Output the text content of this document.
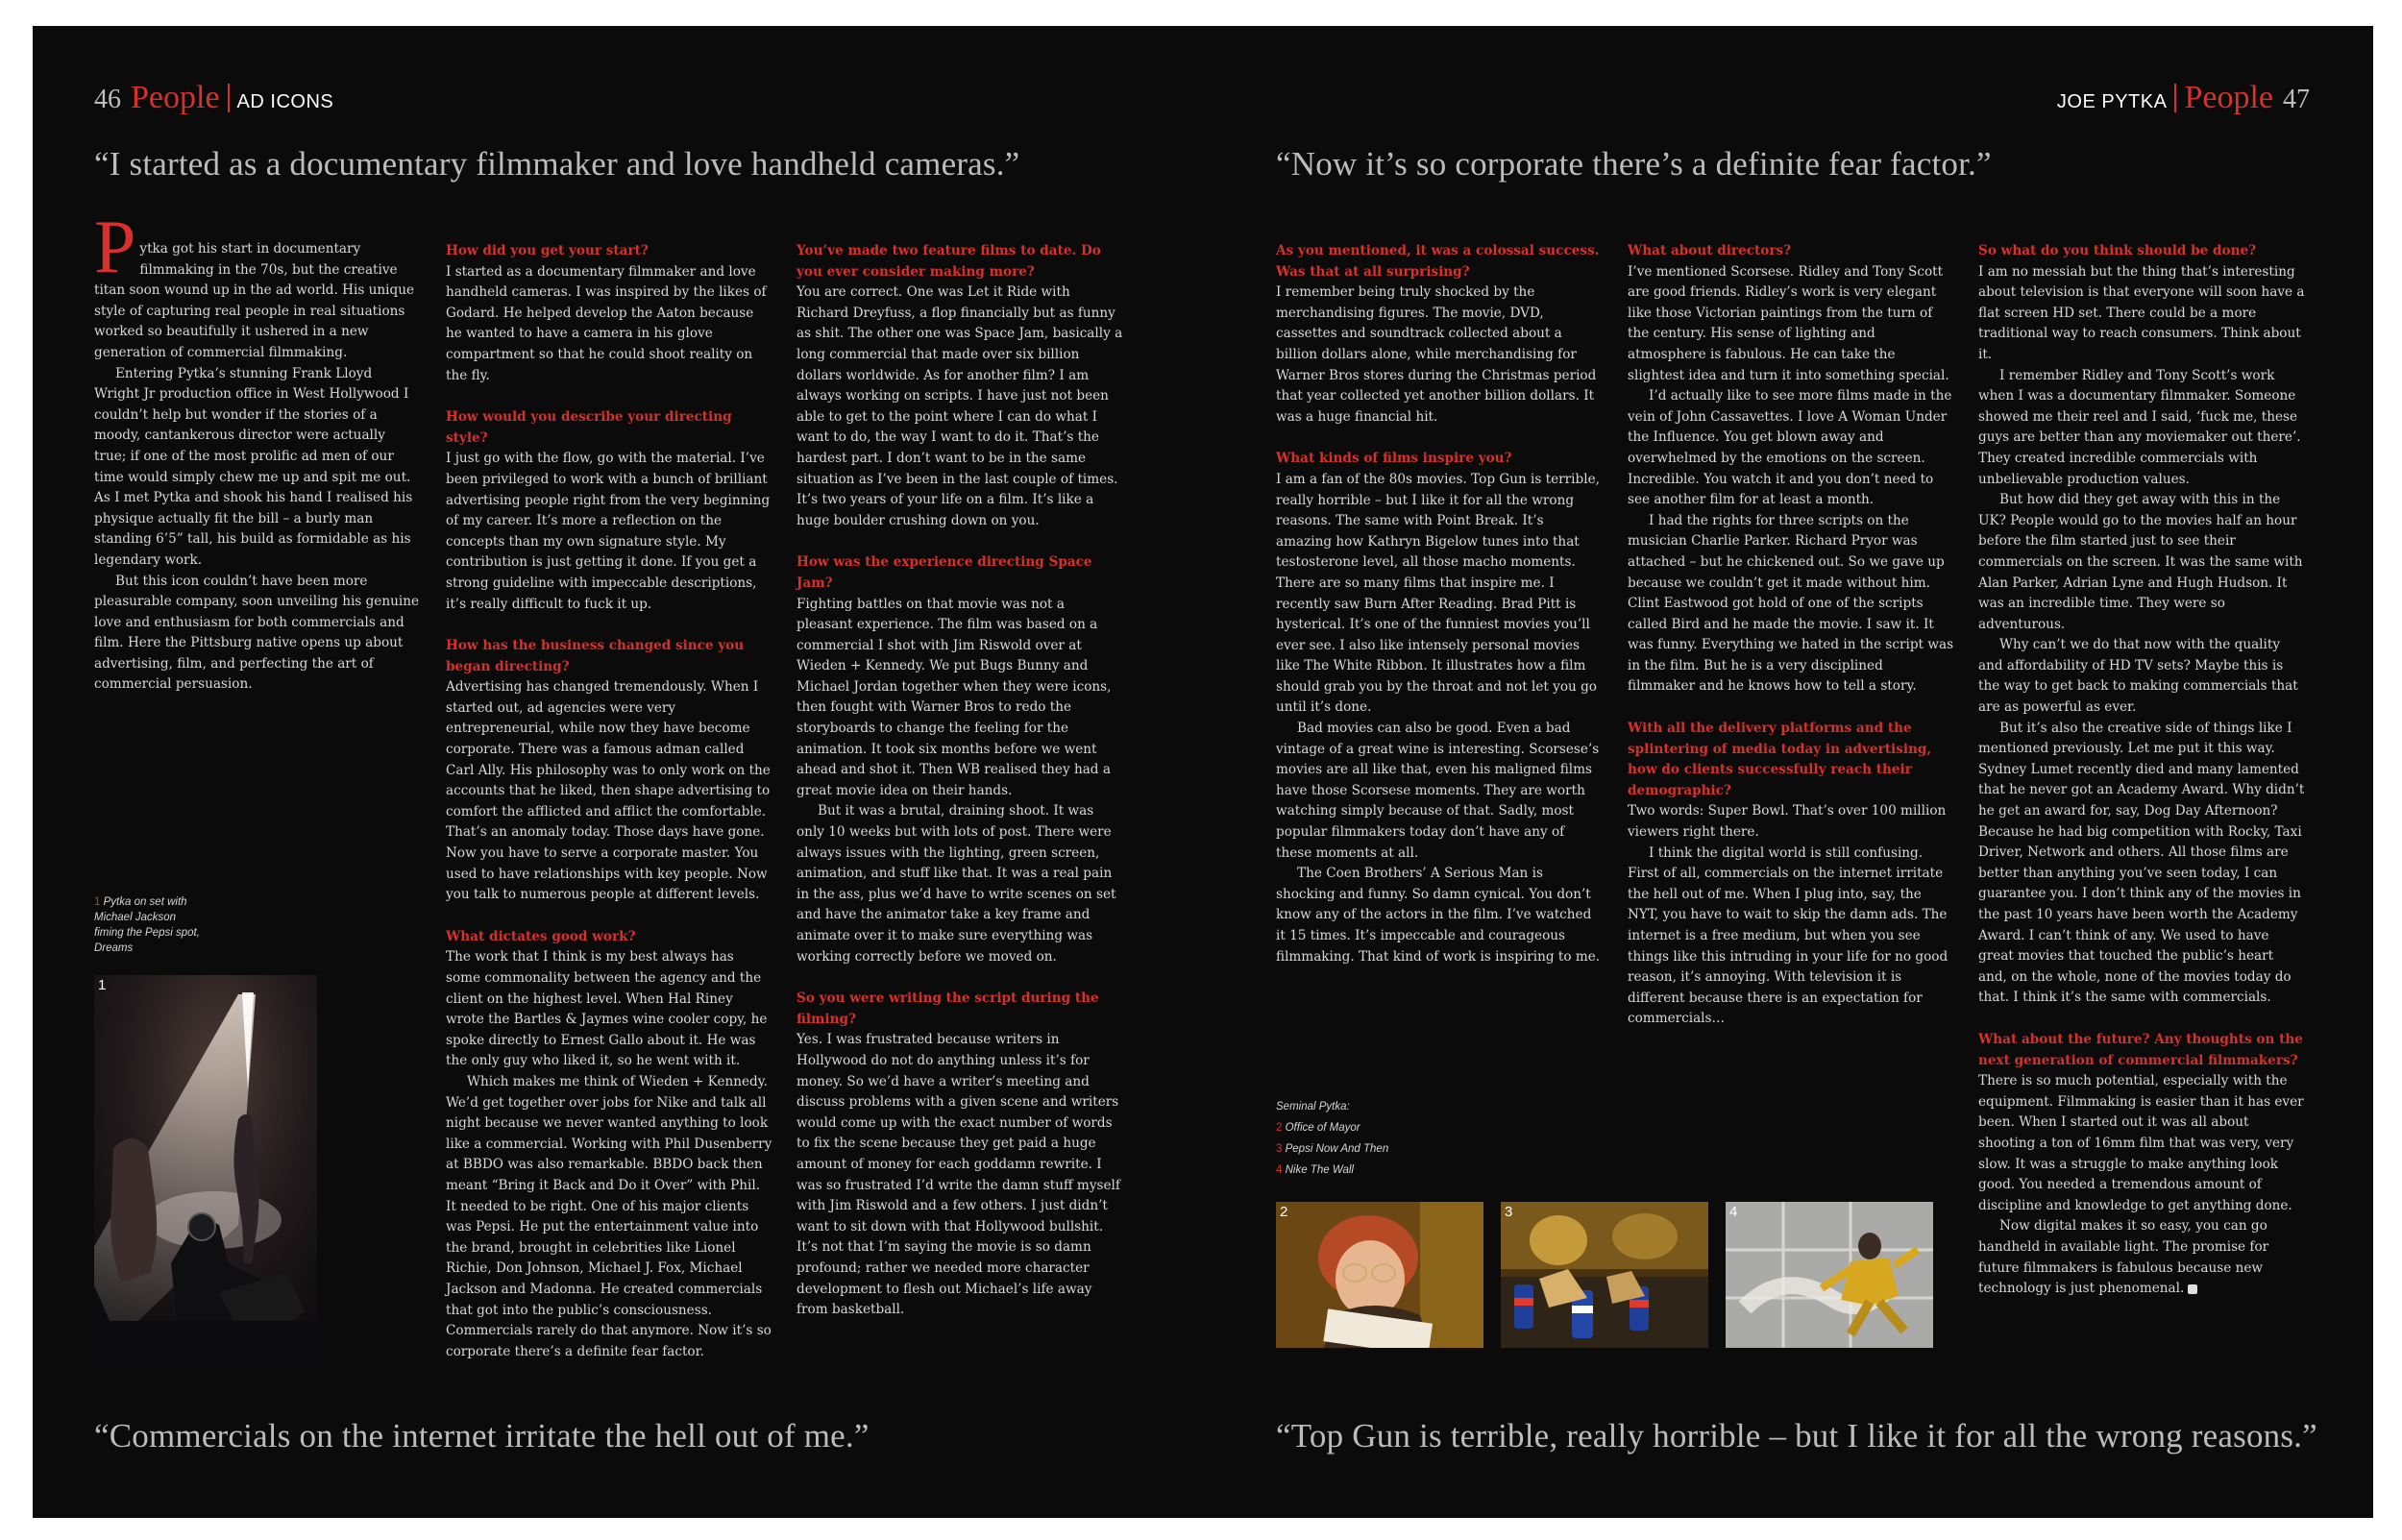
46 People AD ICONS	JOE PYTKA People 47
“I started as a documentary filmmaker and love handheld cameras.”	“Now it’s so corporate there’s a definite fear factor.”
“Commercials on the internet irritate the hell out of me.”	“Top Gun is terrible, really horrible – but I like it for all the wrong reasons.”
P ytka got his start in documentary filmmaking in the 70s, but the creative titan soon wound up in the ad world. His unique style of capturing real people in real situations worked so beautifully it ushered in a new generation of commercial filmmaking.

Entering Pytka’s stunning Frank Lloyd Wright Jr production office in West Hollywood I couldn’t help but wonder if the stories of a moody, cantankerous director were actually true; if one of the most prolific ad men of our time would simply chew me up and spit me out. As I met Pytka and shook his hand I realised his physique actually fit the bill – a burly man standing 6’5” tall, his build as formidable as his legendary work.

But this icon couldn’t have been more pleasurable company, soon unveiling his genuine love and enthusiasm for both commercials and film. Here the Pittsburg native opens up about advertising, film, and perfecting the art of commercial persuasion.

1 Pytka on set with Michael Jackson fiming the Pepsi spot, Dreams
1
How did you get your start?

I started as a documentary filmmaker and love handheld cameras. I was inspired by the likes of Godard. He helped develop the Aaton because he wanted to have a camera in his glove compartment so that he could shoot reality on the fly.

How would you describe your directing style?

I just go with the flow, go with the material. I’ve been privileged to work with a bunch of brilliant advertising people right from the very beginning of my career. It’s more a reflection on the concepts than my own signature style. My contribution is just getting it done. If you get a strong guideline with impeccable descriptions, it’s really difficult to fuck it up.

How has the business changed since you began directing?

Advertising has changed tremendously. When I started out, ad agencies were very entrepreneurial, while now they have become corporate. There was a famous adman called Carl Ally. His philosophy was to only work on the accounts that he liked, then shape advertising to comfort the afflicted and afflict the comfortable. That’s an anomaly today. Those days have gone. Now you have to serve a corporate master. You used to have relationships with key people. Now you talk to numerous people at different levels.

What dictates good work?

The work that I think is my best always has some commonality between the agency and the client on the highest level. When Hal Riney wrote the Bartles & Jaymes wine cooler copy, he spoke directly to Ernest Gallo about it. He was the only guy who liked it, so he went with it.

Which makes me think of Wieden + Kennedy. We’d get together over jobs for Nike and talk all night because we never wanted anything to look like a commercial. Working with Phil Dusenberry at BBDO was also remarkable. BBDO back then meant “Bring it Back and Do it Over” with Phil. It needed to be right. One of his major clients was Pepsi. He put the entertainment value into the brand, brought in celebrities like Lionel Richie, Don Johnson, Michael J. Fox, Michael Jackson and Madonna. He created commercials that got into the public’s consciousness. Commercials rarely do that anymore. Now it’s so corporate there’s a definite fear factor.

You’ve made two feature films to date. Do you ever consider making more?

You are correct. One was Let it Ride with Richard Dreyfuss, a flop financially but as funny as shit. The other one was Space Jam, basically a long commercial that made over six billion dollars worldwide. As for another film? I am always working on scripts. I have just not been able to get to the point where I can do what I want to do, the way I want to do it. That’s the hardest part. I don’t want to be in the same situation as I’ve been in the last couple of times. It’s two years of your life on a film. It’s like a huge boulder crushing down on you.

How was the experience directing Space Jam?

Fighting battles on that movie was not a pleasant experience. The film was based on a commercial I shot with Jim Riswold over at Wieden + Kennedy. We put Bugs Bunny and Michael Jordan together when they were icons, then fought with Warner Bros to redo the storyboards to change the feeling for the animation. It took six months before we went ahead and shot it. Then WB realised they had a great movie idea on their hands.

But it was a brutal, draining shoot. It was only 10 weeks but with lots of post. There were always issues with the lighting, green screen, animation, and stuff like that. It was a real pain in the ass, plus we’d have to write scenes on set and have the animator take a key frame and animate over it to make sure everything was working correctly before we moved on.

So you were writing the script during the filming?

Yes. I was frustrated because writers in Hollywood do not do anything unless it’s for money. So we’d have a writer’s meeting and discuss problems with a given scene and writers would come up with the exact number of words to fix the scene because they get paid a huge amount of money for each goddamn rewrite. I was so frustrated I’d write the damn stuff myself with Jim Riswold and a few others. I just didn’t want to sit down with that Hollywood bullshit. It’s not that I’m saying the movie is so damn profound; rather we needed more character development to flesh out Michael’s life away from basketball.

As you mentioned, it was a colossal success. Was that at all surprising?

I remember being truly shocked by the merchandising figures. The movie, DVD, cassettes and soundtrack collected about a billion dollars alone, while merchandising for Warner Bros stores during the Christmas period that year collected yet another billion dollars. It was a huge financial hit.

What kinds of films inspire you?

I am a fan of the 80s movies. Top Gun is terrible, really horrible – but I like it for all the wrong reasons. The same with Point Break. It’s amazing how Kathryn Bigelow tunes into that testosterone level, all those macho moments. There are so many films that inspire me. I recently saw Burn After Reading. Brad Pitt is hysterical. It’s one of the funniest movies you’ll ever see. I also like intensely personal movies like The White Ribbon. It illustrates how a film should grab you by the throat and not let you go until it’s done.

Bad movies can also be good. Even a bad vintage of a great wine is interesting. Scorsese’s movies are all like that, even his maligned films have those Scorsese moments. They are worth watching simply because of that. Sadly, most popular filmmakers today don’t have any of these moments at all.

The Coen Brothers’ A Serious Man is shocking and funny. So damn cynical. You don’t know any of the actors in the film. I’ve watched it 15 times. It’s impeccable and courageous filmmaking. That kind of work is inspiring to me.

What about directors?

I’ve mentioned Scorsese. Ridley and Tony Scott are good friends. Ridley’s work is very elegant like those Victorian paintings from the turn of the century. His sense of lighting and atmosphere is fabulous. He can take the slightest idea and turn it into something special.

I’d actually like to see more films made in the vein of John Cassavettes. I love A Woman Under the Influence. You get blown away and overwhelmed by the emotions on the screen. Incredible. You watch it and you don’t need to see another film for at least a month.

I had the rights for three scripts on the musician Charlie Parker. Richard Pryor was attached – but he chickened out. So we gave up because we couldn’t get it made without him. Clint Eastwood got hold of one of the scripts called Bird and he made the movie. I saw it. It was funny. Everything we hated in the script was in the film. But he is a very disciplined filmmaker and he knows how to tell a story.

With all the delivery platforms and the splintering of media today in advertising, how do clients successfully reach their demographic?

Two words: Super Bowl. That’s over 100 million viewers right there.

I think the digital world is still confusing. First of all, commercials on the internet irritate the hell out of me. When I plug into, say, the NYT, you have to wait to skip the damn ads. The internet is a free medium, but when you see things like this intruding in your life for no good reason, it’s annoying. With television it is different because there is an expectation for commercials…

So what do you think should be done?

I am no messiah but the thing that’s interesting about television is that everyone will soon have a flat screen HD set. There could be a more traditional way to reach consumers. Think about it.

I remember Ridley and Tony Scott’s work when I was a documentary filmmaker. Someone showed me their reel and I said, ‘fuck me, these guys are better than any moviemaker out there’. They created incredible commercials with unbelievable production values.

But how did they get away with this in the UK? People would go to the movies half an hour before the film started just to see their commercials on the screen. It was the same with Alan Parker, Adrian Lyne and Hugh Hudson. It was an incredible time. They were so adventurous.

Why can’t we do that now with the quality and affordability of HD TV sets? Maybe this is the way to get back to making commercials that are as powerful as ever.

But it’s also the creative side of things like I mentioned previously. Let me put it this way. Sydney Lumet recently died and many lamented that he never got an Academy Award. Why didn’t he get an award for, say, Dog Day Afternoon? Because he had big competition with Rocky, Taxi Driver, Network and others. All those films are better than anything you’ve seen today, I can guarantee you. I don’t think any of the movies in the past 10 years have been worth the Academy Award. I can’t think of any. We used to have great movies that touched the public’s heart and, on the whole, none of the movies today do that. I think it’s the same with commercials.

What about the future? Any thoughts on the next generation of commercial filmmakers?

There is so much potential, especially with the equipment. Filmmaking is easier than it has ever been. When I started out it was all about shooting a ton of 16mm film that was very, very slow. It was a struggle to make anything look good. You needed a tremendous amount of discipline and knowledge to get anything done.

Now digital makes it so easy, you can go handheld in available light. The promise for future filmmakers is fabulous because new technology is just phenomenal.

Seminal Pytka:
2 Office of Mayor
3 Pepsi Now And Then
4 Nike The Wall
2	3	4
